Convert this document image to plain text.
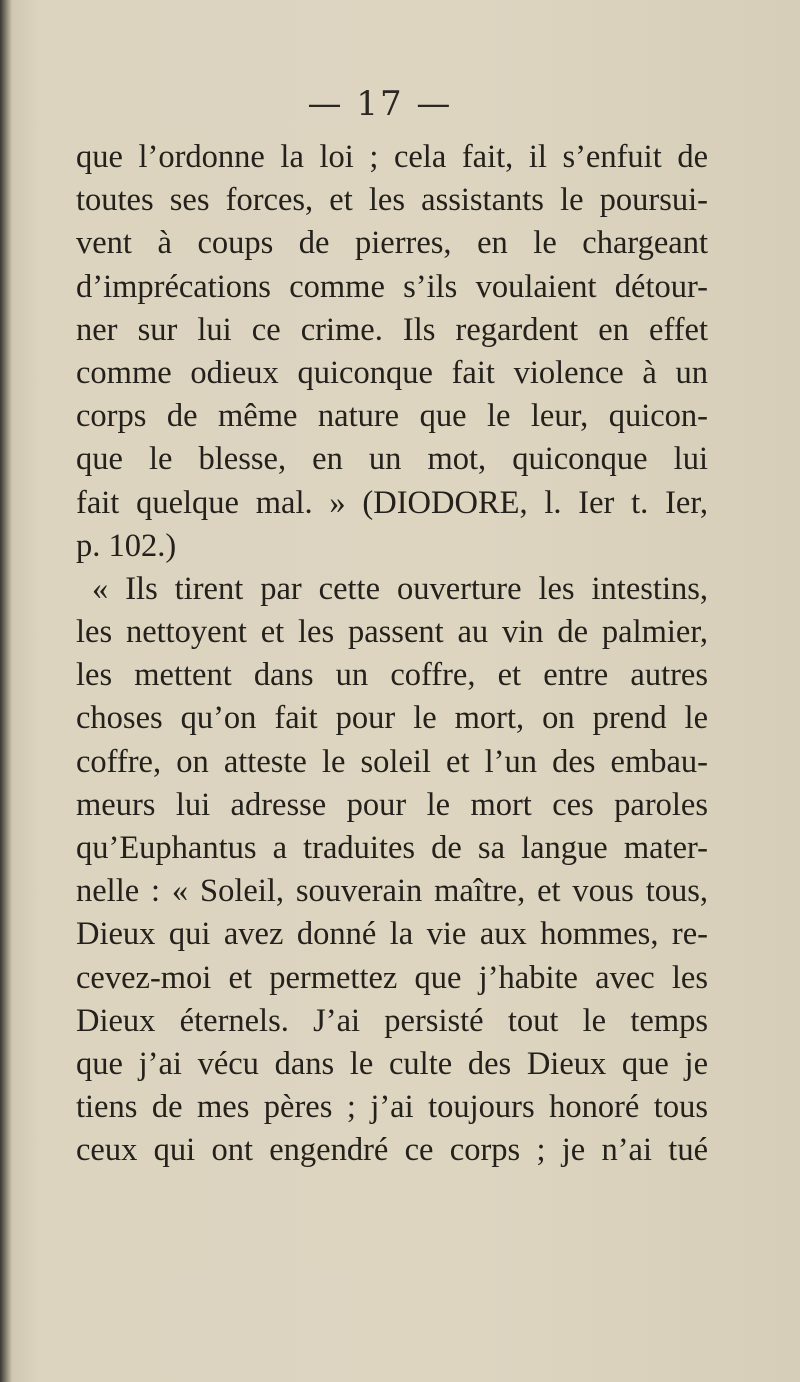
— 17 —
que l’ordonne la loi ; cela fait, il s’enfuit de
toutes ses forces, et les assistants le poursui-
vent à coups de pierres, en le chargeant
d’imprécations comme s’ils voulaient détour-
ner sur lui ce crime. Ils regardent en effet
comme odieux quiconque fait violence à un
corps de même nature que le leur, quicon-
que le blesse, en un mot, quiconque lui
fait quelque mal. » (DIODORE, l. Ier t. Ier,
p. 102.)
« Ils tirent par cette ouverture les intestins,
les nettoyent et les passent au vin de palmier,
les mettent dans un coffre, et entre autres
choses qu’on fait pour le mort, on prend le
coffre, on atteste le soleil et l’un des embau-
meurs lui adresse pour le mort ces paroles
qu’Euphantus a traduites de sa langue mater-
nelle : « Soleil, souverain maître, et vous tous,
Dieux qui avez donné la vie aux hommes, re-
cevez-moi et permettez que j’habite avec les
Dieux éternels. J’ai persisté tout le temps
que j’ai vécu dans le culte des Dieux que je
tiens de mes pères ; j’ai toujours honoré tous
ceux qui ont engendré ce corps ; je n’ai tué
